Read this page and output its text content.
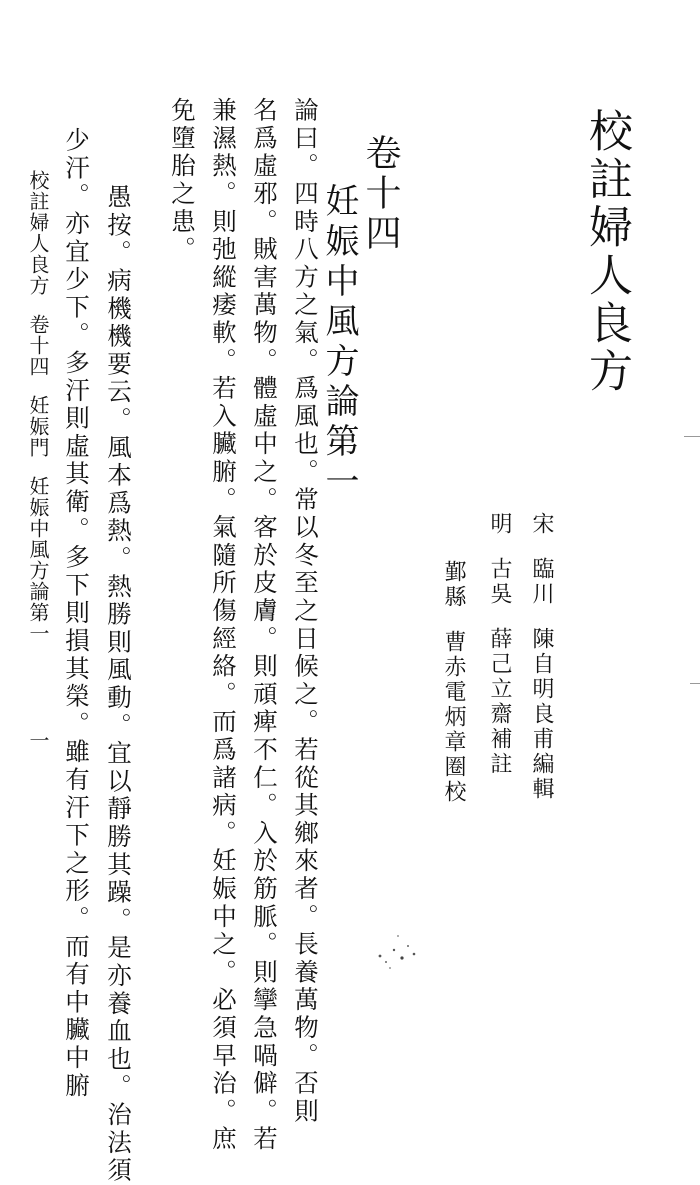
校註婦人良方
宋臨川陳自明良甫編輯
明古吳薛己立齋補註
鄞縣曹赤電炳章圈校
卷十四
妊娠中風方論第一
論曰。四時八方之氣。爲風也。常以冬至之日候之。若從其鄉來者。長養萬物。否則
名爲虛邪。賊害萬物。體虛中之。客於皮膚。則頑痺不仁。入於筋脈。則攣急喎僻。若
兼濕熱。則弛縱痿軟。若入臟腑。氣隨所傷經絡。而爲諸病。妊娠中之。必須早治。庶
免墮胎之患。
愚按。病機機要云。風本爲熱。熱勝則風動。宜以靜勝其躁。是亦養血也。治法須
少汗。亦宜少下。多汗則虛其衛。多下則損其榮。雖有汗下之形。而有中臟中腑
校註婦人良方卷十四妊娠門妊娠中風方論第一一
